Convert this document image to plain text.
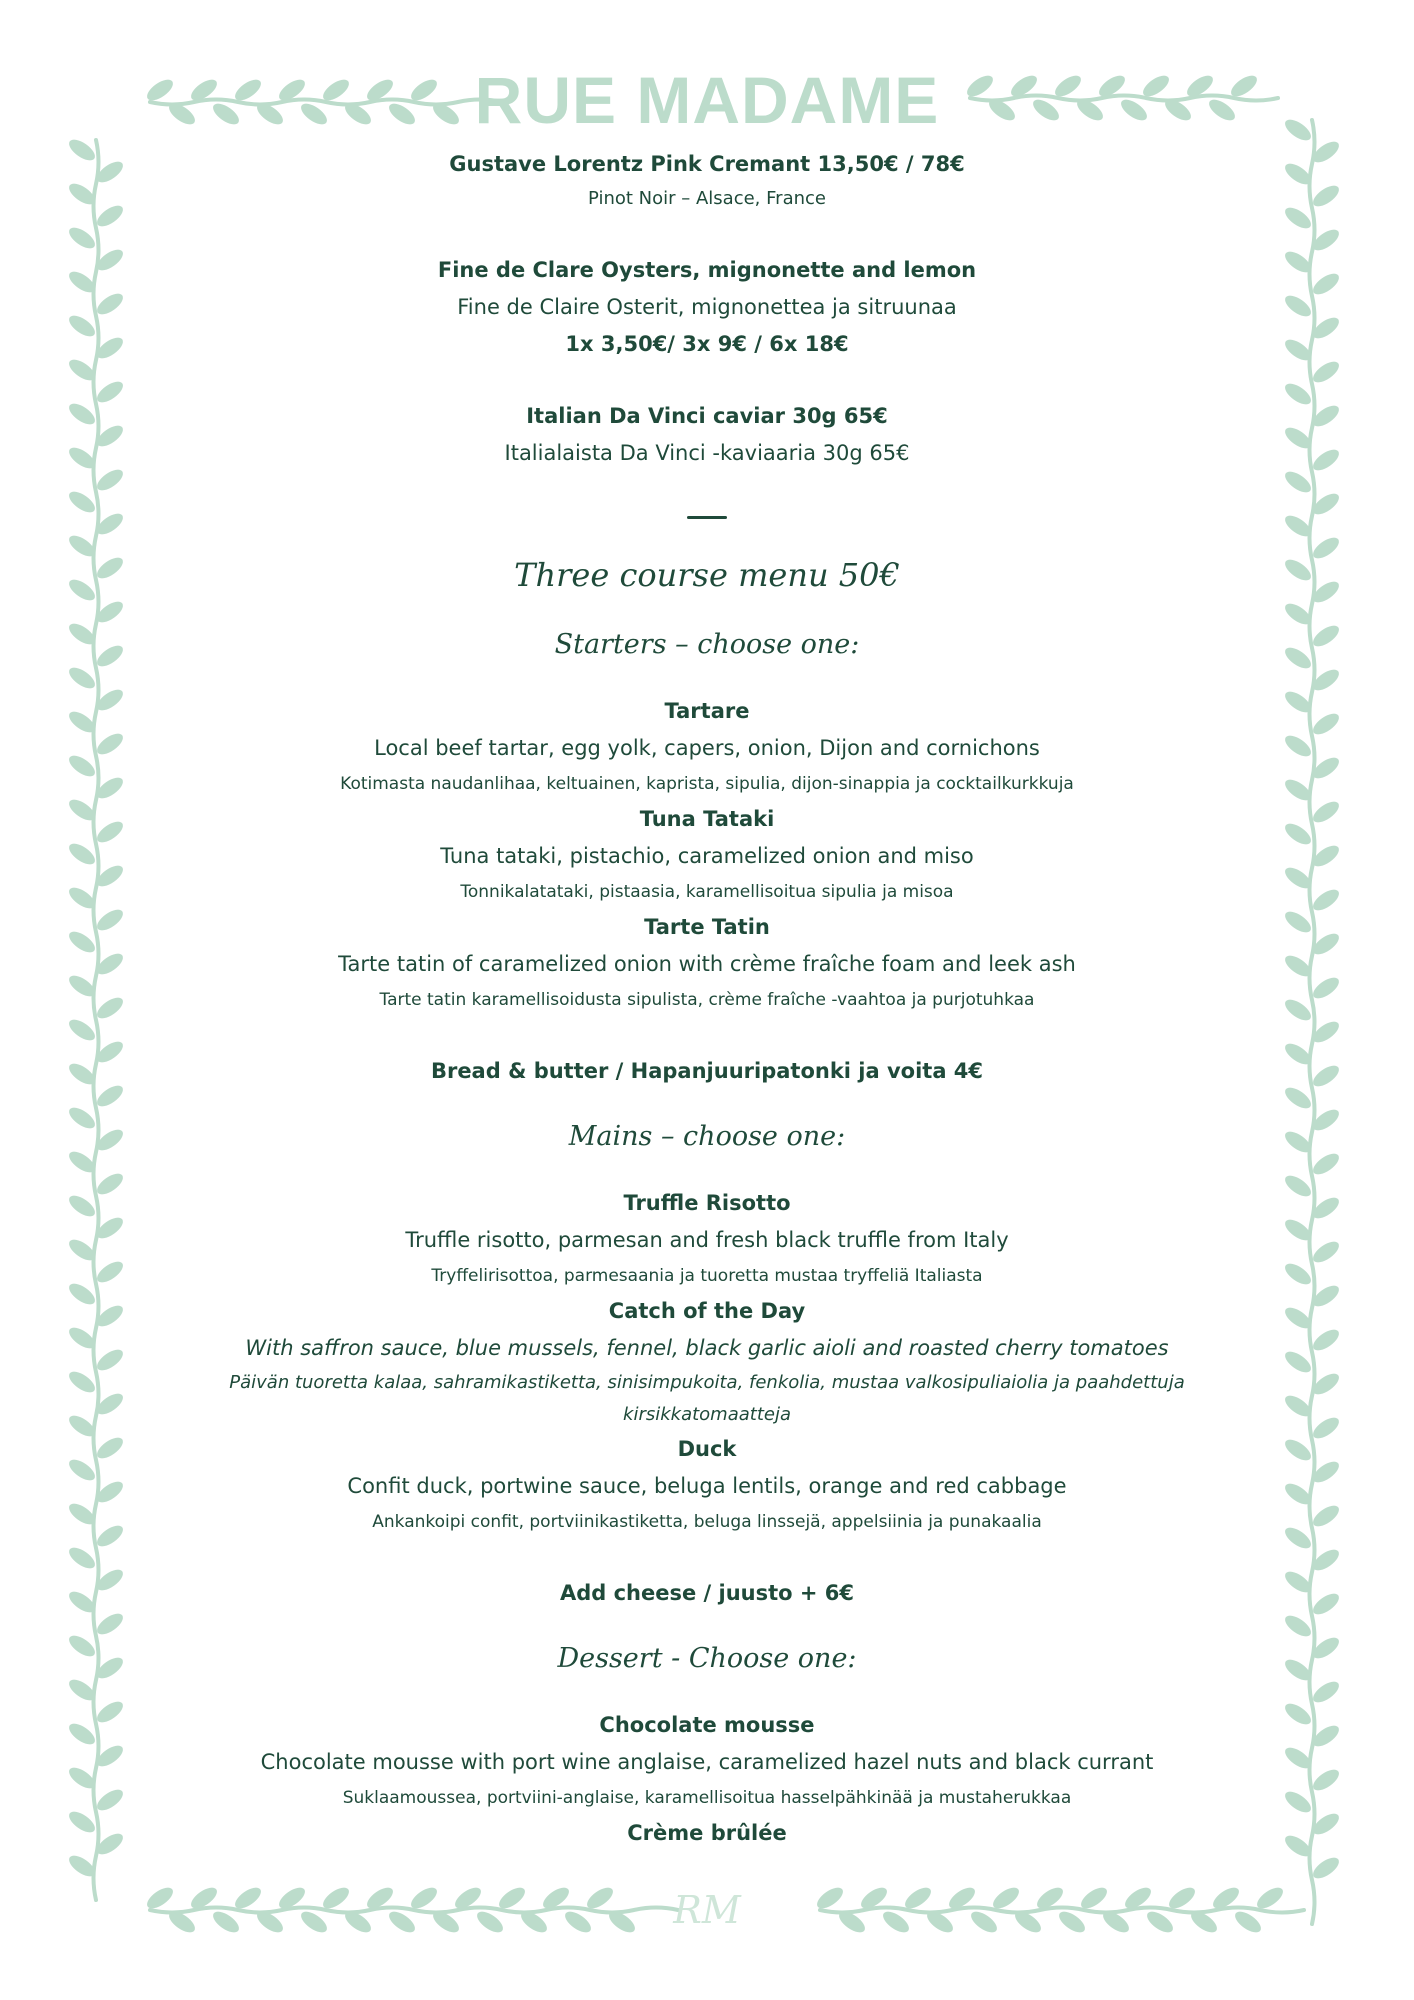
RUE MADAME
Gustave Lorentz Pink Cremant 13,50€ / 78€
Pinot Noir – Alsace, France
Fine de Clare Oysters, mignonette and lemon
Fine de Claire Osterit, mignonettea ja sitruunaa
1x 3,50€/ 3x 9€ / 6x 18€
Italian Da Vinci caviar 30g 65€
Italialaista Da Vinci -kaviaaria 30g 65€
Three course menu 50€
Starters – choose one:
Tartare
Local beef tartar, egg yolk, capers, onion, Dijon and cornichons
Kotimasta naudanlihaa, keltuainen, kaprista, sipulia, dijon-sinappia ja cocktailkurkkuja
Tuna Tataki
Tuna tataki, pistachio, caramelized onion and miso
Tonnikalatataki, pistaasia, karamellisoitua sipulia ja misoa
Tarte Tatin
Tarte tatin of caramelized onion with crème fraîche foam and leek ash
Tarte tatin karamellisoidusta sipulista, crème fraîche -vaahtoa ja purjotuhkaa
Bread & butter / Hapanjuuripatonki ja voita 4€
Mains – choose one:
Truffle Risotto
Truffle risotto, parmesan and fresh black truffle from Italy
Tryffelirisottoa, parmesaania ja tuoretta mustaa tryffeliä Italiasta
Catch of the Day
With saffron sauce, blue mussels, fennel, black garlic aioli and roasted cherry tomatoes
Päivän tuoretta kalaa, sahramikastiketta, sinisimpukoita, fenkolia, mustaa valkosipuliaiolia ja paahdettuja kirsikkatomaatteja
Duck
Confit duck, portwine sauce, beluga lentils, orange and red cabbage
Ankankoipi confit, portviinikastiketta, beluga linssejä, appelsiinia ja punakaalia
Add cheese / juusto + 6€
Dessert - Choose one:
Chocolate mousse
Chocolate mousse with port wine anglaise, caramelized hazel nuts and black currant
Suklaamoussea, portviini-anglaise, karamellisoitua hasselpähkinää ja mustaherukkaa
Crème brûlée
RM
